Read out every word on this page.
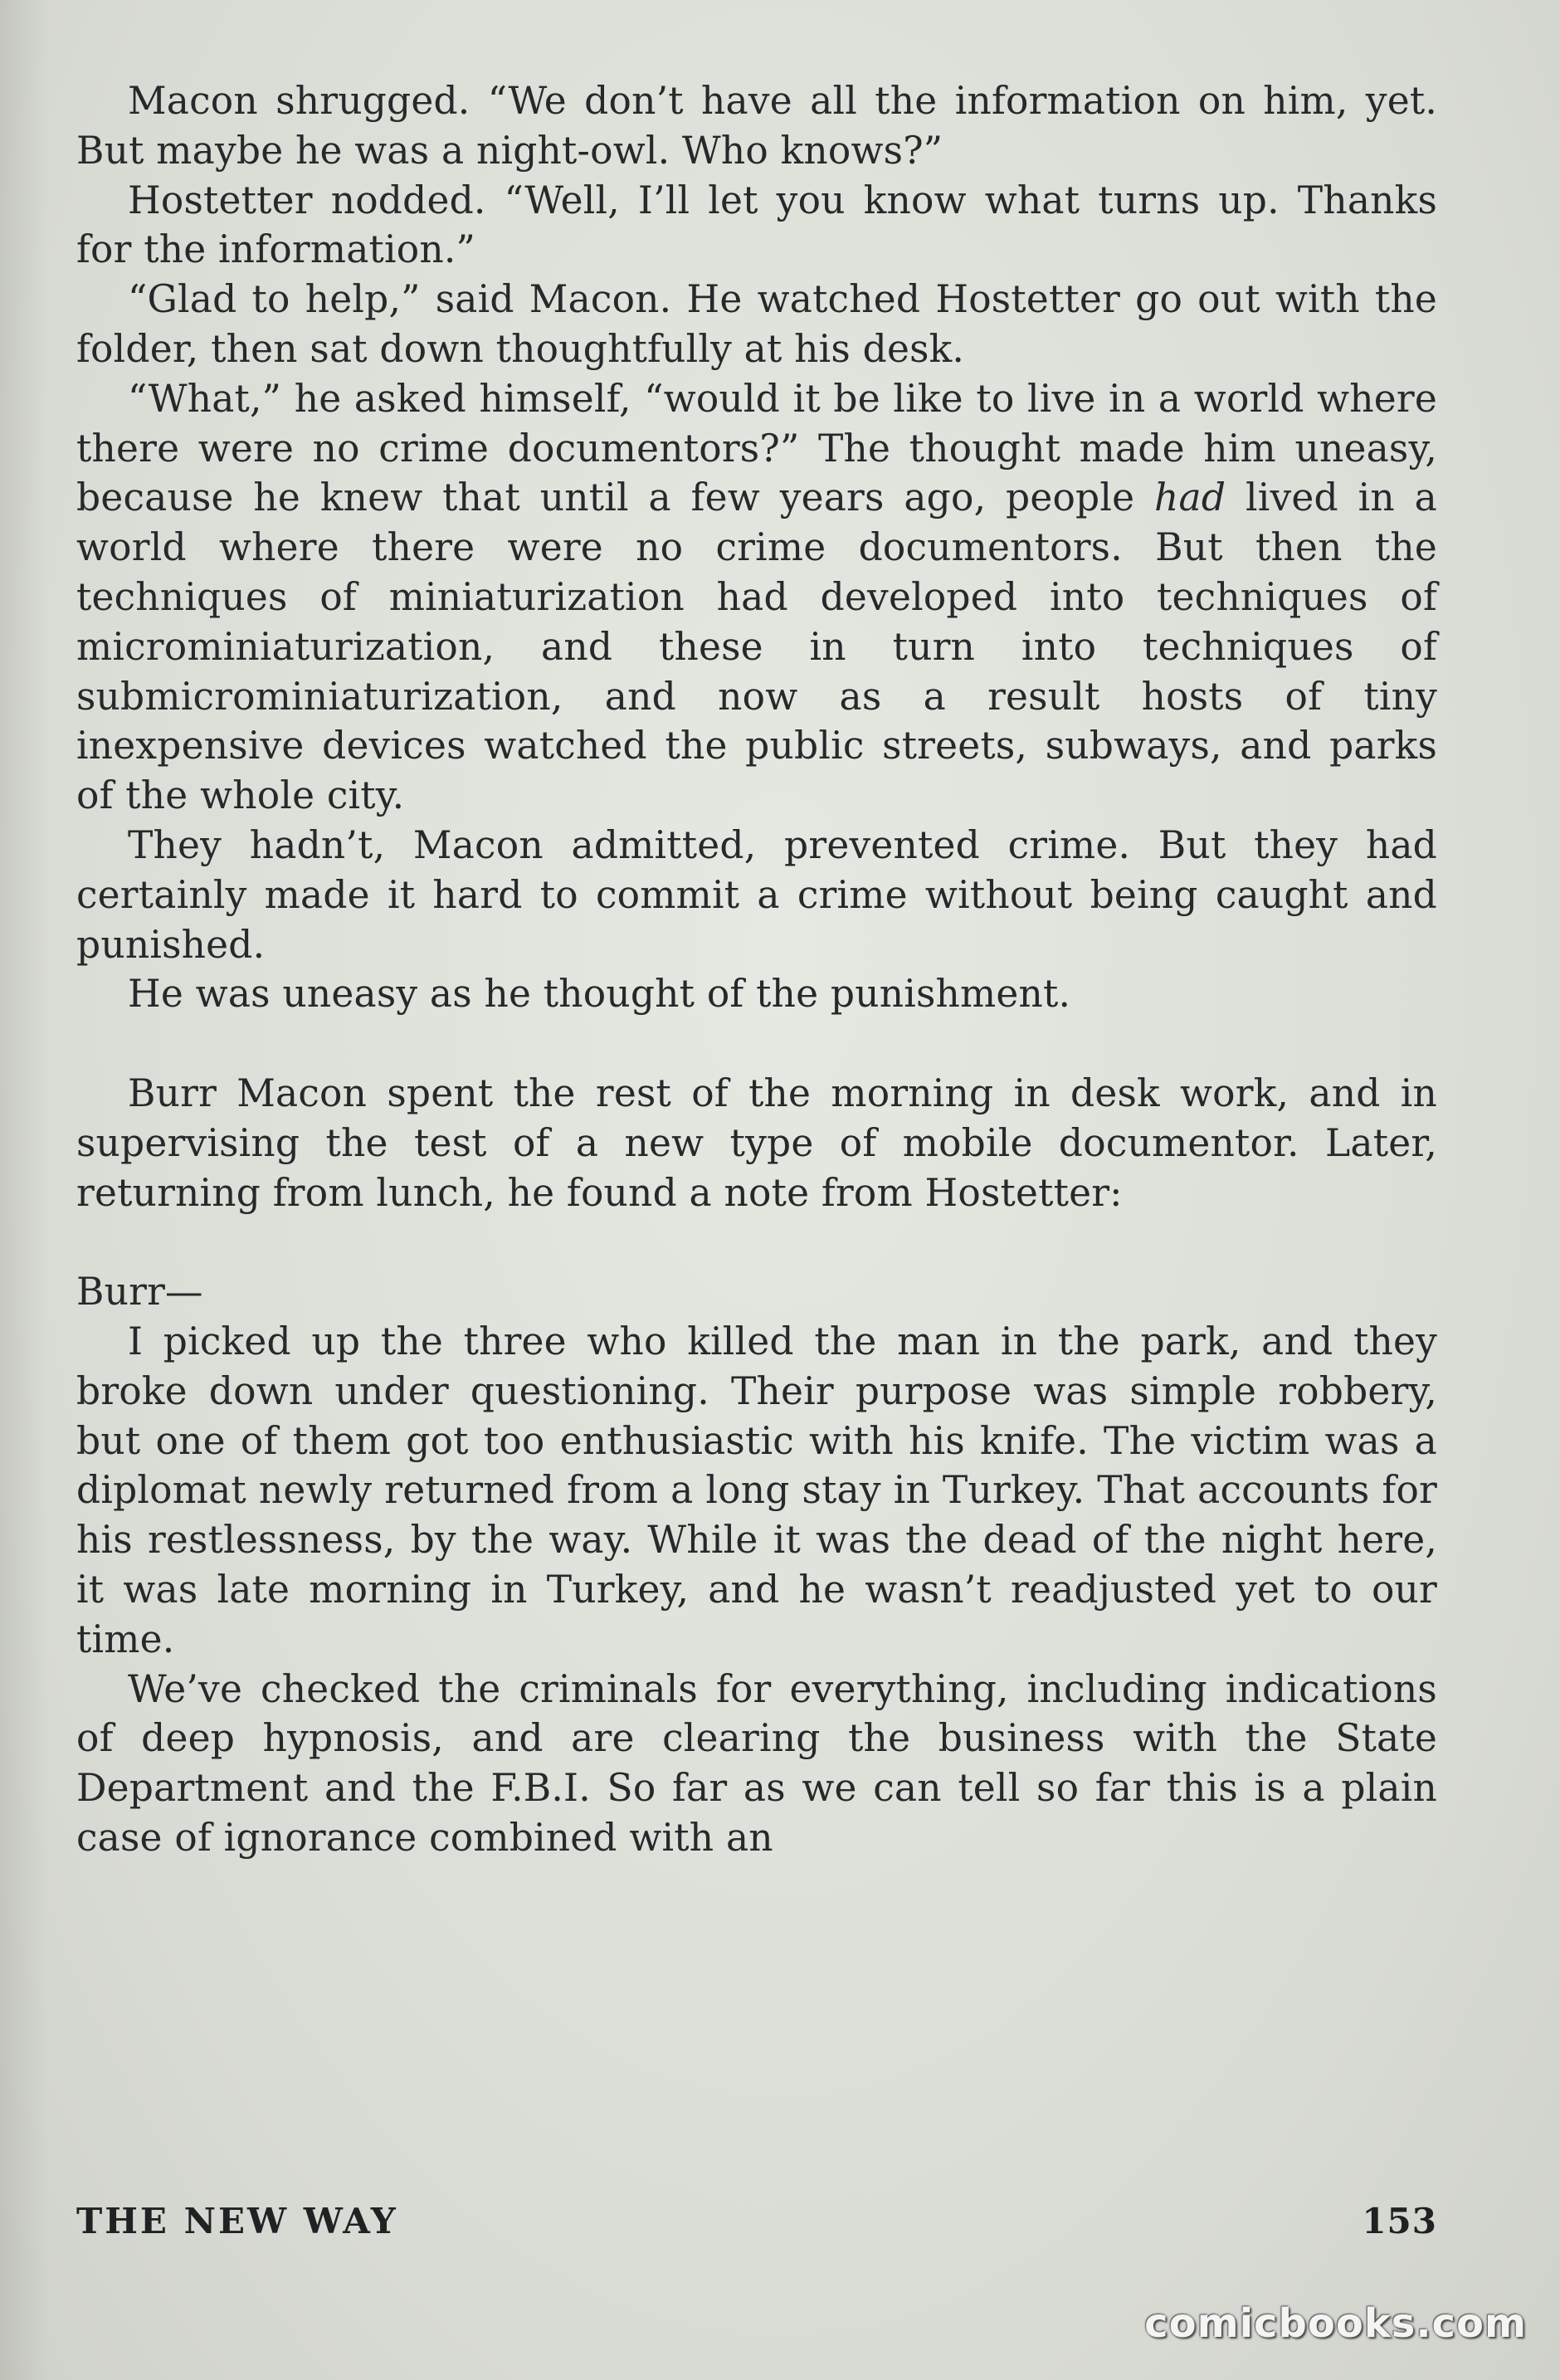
Macon shrugged. “We don’t have all the information on him, yet. But maybe he was a night-owl. Who knows?”

Hostetter nodded. “Well, I’ll let you know what turns up. Thanks for the information.”

“Glad to help,” said Macon. He watched Hostetter go out with the folder, then sat down thoughtfully at his desk.

“What,” he asked himself, “would it be like to live in a world where there were no crime documentors?” The thought made him uneasy, because he knew that until a few years ago, people had lived in a world where there were no crime documentors. But then the techniques of miniaturization had developed into techniques of microminiaturization, and these in turn into techniques of submicrominiaturization, and now as a result hosts of tiny inexpensive devices watched the public streets, subways, and parks of the whole city.

They hadn’t, Macon admitted, prevented crime. But they had certainly made it hard to commit a crime without being caught and punished.

He was uneasy as he thought of the punishment.

Burr Macon spent the rest of the morning in desk work, and in supervising the test of a new type of mobile documentor. Later, returning from lunch, he found a note from Hostetter:

Burr—

I picked up the three who killed the man in the park, and they broke down under questioning. Their purpose was simple robbery, but one of them got too enthusiastic with his knife. The victim was a diplomat newly returned from a long stay in Turkey. That accounts for his restlessness, by the way. While it was the dead of the night here, it was late morning in Turkey, and he wasn’t readjusted yet to our time.

We’ve checked the criminals for everything, including indications of deep hypnosis, and are clearing the business with the State Department and the F.B.I. So far as we can tell so far this is a plain case of ignorance combined with an

THE NEW WAY	153
comicbooks.com
